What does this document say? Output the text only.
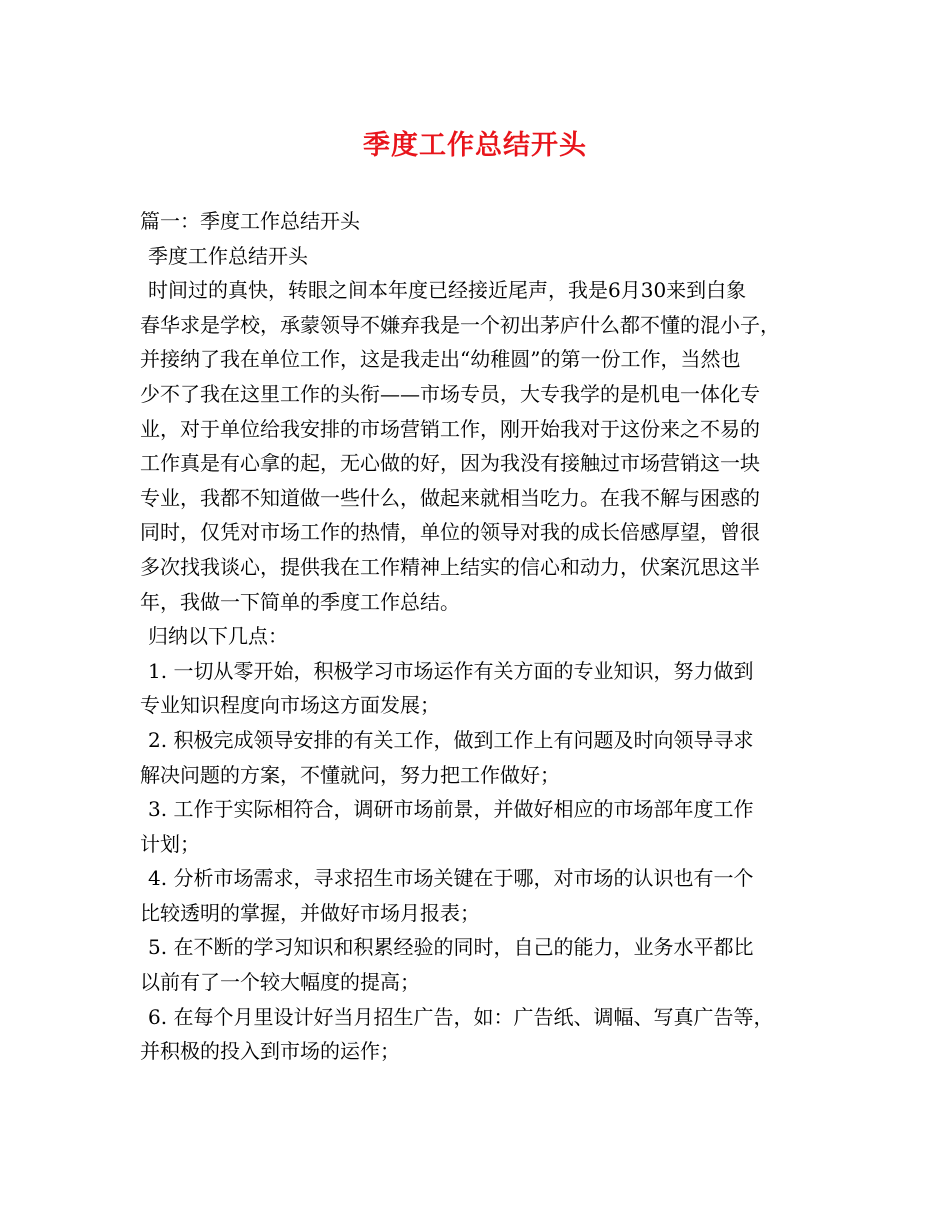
季度工作总结开头
篇一：季度工作总结开头
季度工作总结开头
时间过的真快，转眼之间本年度已经接近尾声，我是6月30来到白象
春华求是学校，承蒙领导不嫌弃我是一个初出茅庐什么都不懂的混小子，
并接纳了我在单位工作，这是我走出“幼稚圆”的第一份工作，当然也
少不了我在这里工作的头衔——市场专员，大专我学的是机电一体化专
业，对于单位给我安排的市场营销工作，刚开始我对于这份来之不易的
工作真是有心拿的起，无心做的好，因为我没有接触过市场营销这一块
专业，我都不知道做一些什么，做起来就相当吃力。在我不解与困惑的
同时，仅凭对市场工作的热情，单位的领导对我的成长倍感厚望，曾很
多次找我谈心，提供我在工作精神上结实的信心和动力，伏案沉思这半
年，我做一下简单的季度工作总结。
归纳以下几点：
1. 一切从零开始，积极学习市场运作有关方面的专业知识，努力做到
专业知识程度向市场这方面发展；
2. 积极完成领导安排的有关工作，做到工作上有问题及时向领导寻求
解决问题的方案，不懂就问，努力把工作做好；
3. 工作于实际相符合，调研市场前景，并做好相应的市场部年度工作
计划；
4. 分析市场需求，寻求招生市场关键在于哪，对市场的认识也有一个
比较透明的掌握，并做好市场月报表；
5. 在不断的学习知识和积累经验的同时，自己的能力，业务水平都比
以前有了一个较大幅度的提高；
6. 在每个月里设计好当月招生广告，如：广告纸、调幅、写真广告等，
并积极的投入到市场的运作；
